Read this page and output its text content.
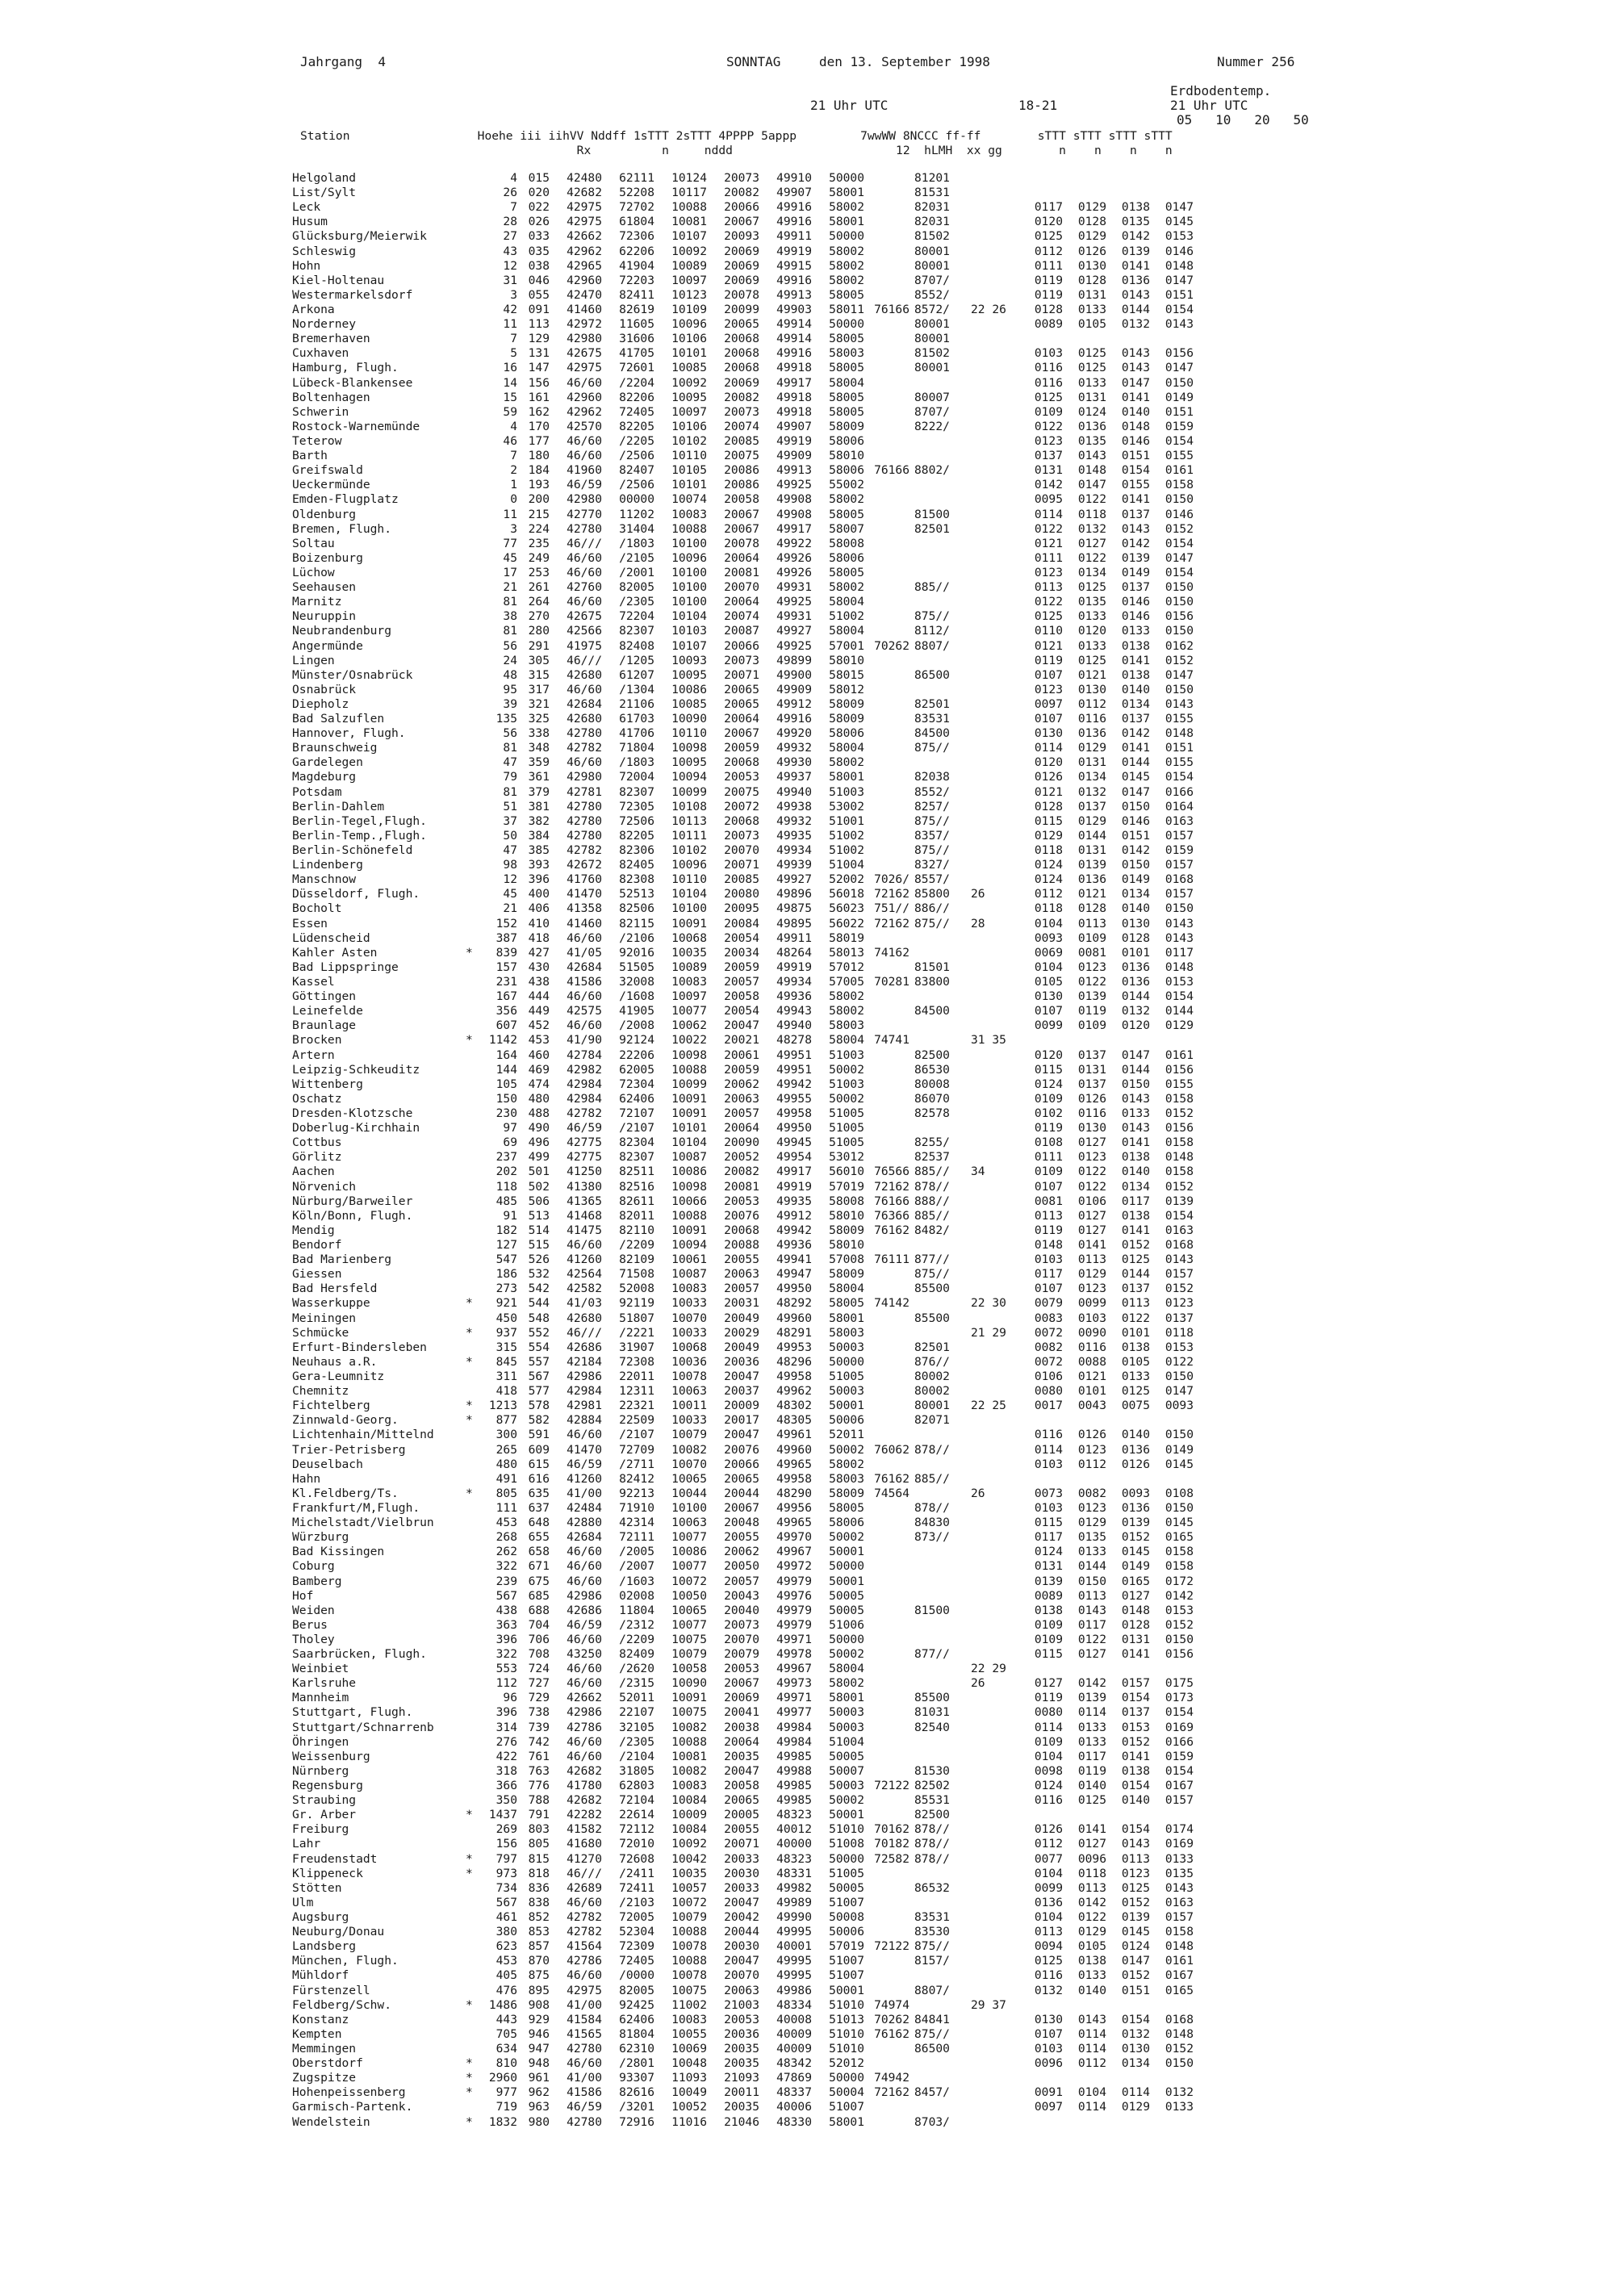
Jahrgang  4	SONNTAG	den 13. September 1998	Nummer 256
Erdbodentemp.
21 Uhr UTC	18-21	21 Uhr UTC
05   10   20   50
Station                  Hoehe iii iihVV Nddff 1sTTT 2sTTT 4PPPP 5appp         7wwWW 8NCCC ff-ff        sTTT sTTT sTTT sTTT
Rx          n     nddd                       12  hLMH  xx gg        n    n    n    n
Helgoland		4	015	42480	62111	10124	20073	49910	50000		81201					
List/Sylt		26	020	42682	52208	10117	20082	49907	58001		81531					
Leck		7	022	42975	72702	10088	20066	49916	58002		82031		0117	0129	0138	0147
Husum		28	026	42975	61804	10081	20067	49916	58001		82031		0120	0128	0135	0145
Glücksburg/Meierwik		27	033	42662	72306	10107	20093	49911	50000		81502		0125	0129	0142	0153
Schleswig		43	035	42962	62206	10092	20069	49919	58002		80001		0112	0126	0139	0146
Hohn		12	038	42965	41904	10089	20069	49915	58002		80001		0111	0130	0141	0148
Kiel-Holtenau		31	046	42960	72203	10097	20069	49916	58002		8707/		0119	0128	0136	0147
Westermarkelsdorf		3	055	42470	82411	10123	20078	49913	58005		8552/		0119	0131	0143	0151
Arkona		42	091	41460	82619	10109	20099	49903	58011	76166	8572/	22 26	0128	0133	0144	0154
Norderney		11	113	42972	11605	10096	20065	49914	50000		80001		0089	0105	0132	0143
Bremerhaven		7	129	42980	31606	10106	20068	49914	58005		80001					
Cuxhaven		5	131	42675	41705	10101	20068	49916	58003		81502		0103	0125	0143	0156
Hamburg, Flugh.		16	147	42975	72601	10085	20068	49918	58005		80001		0116	0125	0143	0147
Lübeck-Blankensee		14	156	46/60	/2204	10092	20069	49917	58004				0116	0133	0147	0150
Boltenhagen		15	161	42960	82206	10095	20082	49918	58005		80007		0125	0131	0141	0149
Schwerin		59	162	42962	72405	10097	20073	49918	58005		8707/		0109	0124	0140	0151
Rostock-Warnemünde		4	170	42570	82205	10106	20074	49907	58009		8222/		0122	0136	0148	0159
Teterow		46	177	46/60	/2205	10102	20085	49919	58006				0123	0135	0146	0154
Barth		7	180	46/60	/2506	10110	20075	49909	58010				0137	0143	0151	0155
Greifswald		2	184	41960	82407	10105	20086	49913	58006	76166	8802/		0131	0148	0154	0161
Ueckermünde		1	193	46/59	/2506	10101	20086	49925	55002				0142	0147	0155	0158
Emden-Flugplatz		0	200	42980	00000	10074	20058	49908	58002				0095	0122	0141	0150
Oldenburg		11	215	42770	11202	10083	20067	49908	58005		81500		0114	0118	0137	0146
Bremen, Flugh.		3	224	42780	31404	10088	20067	49917	58007		82501		0122	0132	0143	0152
Soltau		77	235	46///	/1803	10100	20078	49922	58008				0121	0127	0142	0154
Boizenburg		45	249	46/60	/2105	10096	20064	49926	58006				0111	0122	0139	0147
Lüchow		17	253	46/60	/2001	10100	20081	49926	58005				0123	0134	0149	0154
Seehausen		21	261	42760	82005	10100	20070	49931	58002		885//		0113	0125	0137	0150
Marnitz		81	264	46/60	/2305	10100	20064	49925	58004				0122	0135	0146	0150
Neuruppin		38	270	42675	72204	10104	20074	49931	51002		875//		0125	0133	0146	0156
Neubrandenburg		81	280	42566	82307	10103	20087	49927	58004		8112/		0110	0120	0133	0150
Angermünde		56	291	41975	82408	10107	20066	49925	57001	70262	8807/		0121	0133	0138	0162
Lingen		24	305	46///	/1205	10093	20073	49899	58010				0119	0125	0141	0152
Münster/Osnabrück		48	315	42680	61207	10095	20071	49900	58015		86500		0107	0121	0138	0147
Osnabrück		95	317	46/60	/1304	10086	20065	49909	58012				0123	0130	0140	0150
Diepholz		39	321	42684	21106	10085	20065	49912	58009		82501		0097	0112	0134	0143
Bad Salzuflen		135	325	42680	61703	10090	20064	49916	58009		83531		0107	0116	0137	0155
Hannover, Flugh.		56	338	42780	41706	10110	20067	49920	58006		84500		0130	0136	0142	0148
Braunschweig		81	348	42782	71804	10098	20059	49932	58004		875//		0114	0129	0141	0151
Gardelegen		47	359	46/60	/1803	10095	20068	49930	58002				0120	0131	0144	0155
Magdeburg		79	361	42980	72004	10094	20053	49937	58001		82038		0126	0134	0145	0154
Potsdam		81	379	42781	82307	10099	20075	49940	51003		8552/		0121	0132	0147	0166
Berlin-Dahlem		51	381	42780	72305	10108	20072	49938	53002		8257/		0128	0137	0150	0164
Berlin-Tegel,Flugh.		37	382	42780	72506	10113	20068	49932	51001		875//		0115	0129	0146	0163
Berlin-Temp.,Flugh.		50	384	42780	82205	10111	20073	49935	51002		8357/		0129	0144	0151	0157
Berlin-Schönefeld		47	385	42782	82306	10102	20070	49934	51002		875//		0118	0131	0142	0159
Lindenberg		98	393	42672	82405	10096	20071	49939	51004		8327/		0124	0139	0150	0157
Manschnow		12	396	41760	82308	10110	20085	49927	52002	7026/	8557/		0124	0136	0149	0168
Düsseldorf, Flugh.		45	400	41470	52513	10104	20080	49896	56018	72162	85800	26	0112	0121	0134	0157
Bocholt		21	406	41358	82506	10100	20095	49875	56023	751//	886//		0118	0128	0140	0150
Essen		152	410	41460	82115	10091	20084	49895	56022	72162	875//	28	0104	0113	0130	0143
Lüdenscheid		387	418	46/60	/2106	10068	20054	49911	58019				0093	0109	0128	0143
Kahler Asten	*	839	427	41/05	92016	10035	20034	48264	58013	74162			0069	0081	0101	0117
Bad Lippspringe		157	430	42684	51505	10089	20059	49919	57012		81501		0104	0123	0136	0148
Kassel		231	438	41586	32008	10083	20057	49934	57005	70281	83800		0105	0122	0136	0153
Göttingen		167	444	46/60	/1608	10097	20058	49936	58002				0130	0139	0144	0154
Leinefelde		356	449	42575	41905	10077	20054	49943	58002		84500		0107	0119	0132	0144
Braunlage		607	452	46/60	/2008	10062	20047	49940	58003				0099	0109	0120	0129
Brocken	*	1142	453	41/90	92124	10022	20021	48278	58004	74741		31 35				
Artern		164	460	42784	22206	10098	20061	49951	51003		82500		0120	0137	0147	0161
Leipzig-Schkeuditz		144	469	42982	62005	10088	20059	49951	50002		86530		0115	0131	0144	0156
Wittenberg		105	474	42984	72304	10099	20062	49942	51003		80008		0124	0137	0150	0155
Oschatz		150	480	42984	62406	10091	20063	49955	50002		86070		0109	0126	0143	0158
Dresden-Klotzsche		230	488	42782	72107	10091	20057	49958	51005		82578		0102	0116	0133	0152
Doberlug-Kirchhain		97	490	46/59	/2107	10101	20064	49950	51005				0119	0130	0143	0156
Cottbus		69	496	42775	82304	10104	20090	49945	51005		8255/		0108	0127	0141	0158
Görlitz		237	499	42775	82307	10087	20052	49954	53012		82537		0111	0123	0138	0148
Aachen		202	501	41250	82511	10086	20082	49917	56010	76566	885//	34	0109	0122	0140	0158
Nörvenich		118	502	41380	82516	10098	20081	49919	57019	72162	878//		0107	0122	0134	0152
Nürburg/Barweiler		485	506	41365	82611	10066	20053	49935	58008	76166	888//		0081	0106	0117	0139
Köln/Bonn, Flugh.		91	513	41468	82011	10088	20076	49912	58010	76366	885//		0113	0127	0138	0154
Mendig		182	514	41475	82110	10091	20068	49942	58009	76162	8482/		0119	0127	0141	0163
Bendorf		127	515	46/60	/2209	10094	20088	49936	58010				0148	0141	0152	0168
Bad Marienberg		547	526	41260	82109	10061	20055	49941	57008	76111	877//		0103	0113	0125	0143
Giessen		186	532	42564	71508	10087	20063	49947	58009		875//		0117	0129	0144	0157
Bad Hersfeld		273	542	42582	52008	10083	20057	49950	58004		85500		0107	0123	0137	0152
Wasserkuppe	*	921	544	41/03	92119	10033	20031	48292	58005	74142		22 30	0079	0099	0113	0123
Meiningen		450	548	42680	51807	10070	20049	49960	58001		85500		0083	0103	0122	0137
Schmücke	*	937	552	46///	/2221	10033	20029	48291	58003			21 29	0072	0090	0101	0118
Erfurt-Bindersleben		315	554	42686	31907	10068	20049	49953	50003		82501		0082	0116	0138	0153
Neuhaus a.R.	*	845	557	42184	72308	10036	20036	48296	50000		876//		0072	0088	0105	0122
Gera-Leumnitz		311	567	42986	22011	10078	20047	49958	51005		80002		0106	0121	0133	0150
Chemnitz		418	577	42984	12311	10063	20037	49962	50003		80002		0080	0101	0125	0147
Fichtelberg	*	1213	578	42981	22321	10011	20009	48302	50001		80001	22 25	0017	0043	0075	0093
Zinnwald-Georg.	*	877	582	42884	22509	10033	20017	48305	50006		82071					
Lichtenhain/Mittelnd		300	591	46/60	/2107	10079	20047	49961	52011				0116	0126	0140	0150
Trier-Petrisberg		265	609	41470	72709	10082	20076	49960	50002	76062	878//		0114	0123	0136	0149
Deuselbach		480	615	46/59	/2711	10070	20066	49965	58002				0103	0112	0126	0145
Hahn		491	616	41260	82412	10065	20065	49958	58003	76162	885//					
Kl.Feldberg/Ts.	*	805	635	41/00	92213	10044	20044	48290	58009	74564		26	0073	0082	0093	0108
Frankfurt/M,Flugh.		111	637	42484	71910	10100	20067	49956	58005		878//		0103	0123	0136	0150
Michelstadt/Vielbrun		453	648	42880	42314	10063	20048	49965	58006		84830		0115	0129	0139	0145
Würzburg		268	655	42684	72111	10077	20055	49970	50002		873//		0117	0135	0152	0165
Bad Kissingen		262	658	46/60	/2005	10086	20062	49967	50001				0124	0133	0145	0158
Coburg		322	671	46/60	/2007	10077	20050	49972	50000				0131	0144	0149	0158
Bamberg		239	675	46/60	/1603	10072	20057	49979	50001				0139	0150	0165	0172
Hof		567	685	42986	02008	10050	20043	49976	50005				0089	0113	0127	0142
Weiden		438	688	42686	11804	10065	20040	49979	50005		81500		0138	0143	0148	0153
Berus		363	704	46/59	/2312	10077	20073	49979	51006				0109	0117	0128	0152
Tholey		396	706	46/60	/2209	10075	20070	49971	50000				0109	0122	0131	0150
Saarbrücken, Flugh.		322	708	43250	82409	10079	20079	49978	50002		877//		0115	0127	0141	0156
Weinbiet		553	724	46/60	/2620	10058	20053	49967	58004			22 29				
Karlsruhe		112	727	46/60	/2315	10090	20067	49973	58002			26	0127	0142	0157	0175
Mannheim		96	729	42662	52011	10091	20069	49971	58001		85500		0119	0139	0154	0173
Stuttgart, Flugh.		396	738	42986	22107	10075	20041	49977	50003		81031		0080	0114	0137	0154
Stuttgart/Schnarrenb		314	739	42786	32105	10082	20038	49984	50003		82540		0114	0133	0153	0169
Öhringen		276	742	46/60	/2305	10088	20064	49984	51004				0109	0133	0152	0166
Weissenburg		422	761	46/60	/2104	10081	20035	49985	50005				0104	0117	0141	0159
Nürnberg		318	763	42682	31805	10082	20047	49988	50007		81530		0098	0119	0138	0154
Regensburg		366	776	41780	62803	10083	20058	49985	50003	72122	82502		0124	0140	0154	0167
Straubing		350	788	42682	72104	10084	20065	49985	50002		85531		0116	0125	0140	0157
Gr. Arber	*	1437	791	42282	22614	10009	20005	48323	50001		82500					
Freiburg		269	803	41582	72112	10084	20055	40012	51010	70162	878//		0126	0141	0154	0174
Lahr		156	805	41680	72010	10092	20071	40000	51008	70182	878//		0112	0127	0143	0169
Freudenstadt	*	797	815	41270	72608	10042	20033	48323	50000	72582	878//		0077	0096	0113	0133
Klippeneck	*	973	818	46///	/2411	10035	20030	48331	51005				0104	0118	0123	0135
Stötten		734	836	42689	72411	10057	20033	49982	50005		86532		0099	0113	0125	0143
Ulm		567	838	46/60	/2103	10072	20047	49989	51007				0136	0142	0152	0163
Augsburg		461	852	42782	72005	10079	20042	49990	50008		83531		0104	0122	0139	0157
Neuburg/Donau		380	853	42782	52304	10088	20044	49995	50006		83530		0113	0129	0145	0158
Landsberg		623	857	41564	72309	10078	20030	40001	57019	72122	875//		0094	0105	0124	0148
München, Flugh.		453	870	42786	72405	10088	20047	49995	51007		8157/		0125	0138	0147	0161
Mühldorf		405	875	46/60	/0000	10078	20070	49995	51007				0116	0133	0152	0167
Fürstenzell		476	895	42975	82005	10075	20063	49986	50001		8807/		0132	0140	0151	0165
Feldberg/Schw.	*	1486	908	41/00	92425	11002	21003	48334	51010	74974		29 37				
Konstanz		443	929	41584	62406	10083	20053	40008	51013	70262	84841		0130	0143	0154	0168
Kempten		705	946	41565	81804	10055	20036	40009	51010	76162	875//		0107	0114	0132	0148
Memmingen		634	947	42780	62310	10069	20035	40009	51010		86500		0103	0114	0130	0152
Oberstdorf	*	810	948	46/60	/2801	10048	20035	48342	52012				0096	0112	0134	0150
Zugspitze	*	2960	961	41/00	93307	11093	21093	47869	50000	74942						
Hohenpeissenberg	*	977	962	41586	82616	10049	20011	48337	50004	72162	8457/		0091	0104	0114	0132
Garmisch-Partenk.		719	963	46/59	/3201	10052	20035	40006	51007				0097	0114	0129	0133
Wendelstein	*	1832	980	42780	72916	11016	21046	48330	58001		8703/					
